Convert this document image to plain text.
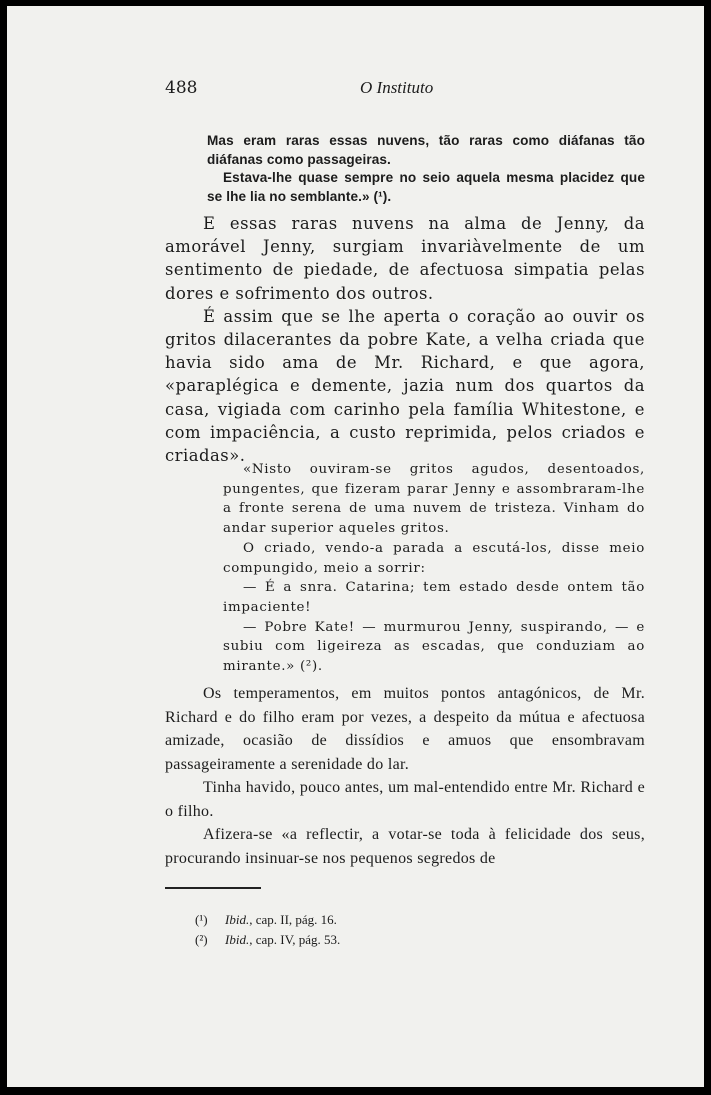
488	O Instituto

Mas eram raras essas nuvens, tão raras como diáfanas tão diáfanas como passageiras.

Estava-lhe quase sempre no seio aquela mesma placidez que se lhe lia no semblante.» (¹).

E essas raras nuvens na alma de Jenny, da amorável Jenny, surgiam invariàvelmente de um sentimento de piedade, de afectuosa simpatia pelas dores e sofrimento dos outros.

É assim que se lhe aperta o coração ao ouvir os gritos dilacerantes da pobre Kate, a velha criada que havia sido ama de Mr. Richard, e que agora, «paraplégica e demente, jazia num dos quartos da casa, vigiada com carinho pela família Whitestone, e com impaciência, a custo reprimida, pelos criados e criadas».

«Nisto ouviram-se gritos agudos, desentoados, pungentes, que fizeram parar Jenny e assombraram-lhe a fronte serena de uma nuvem de tristeza. Vinham do andar superior aqueles gritos.

O criado, vendo-a parada a escutá-los, disse meio compungido, meio a sorrir:

— É a snra. Catarina; tem estado desde ontem tão impaciente!

— Pobre Kate! — murmurou Jenny, suspirando, — e subiu com ligeireza as escadas, que conduziam ao mirante.» (²).

Os temperamentos, em muitos pontos antagónicos, de Mr. Richard e do filho eram por vezes, a despeito da mútua e afectuosa amizade, ocasião de dissídios e amuos que ensombravam passageiramente a serenidade do lar.

Tinha havido, pouco antes, um mal-entendido entre Mr. Richard e o filho.

Afizera-se «a reflectir, a votar-se toda à felicidade dos seus, procurando insinuar-se nos pequenos segredos de

(¹) Ibid., cap. II, pág. 16.
(²) Ibid., cap. IV, pág. 53.
